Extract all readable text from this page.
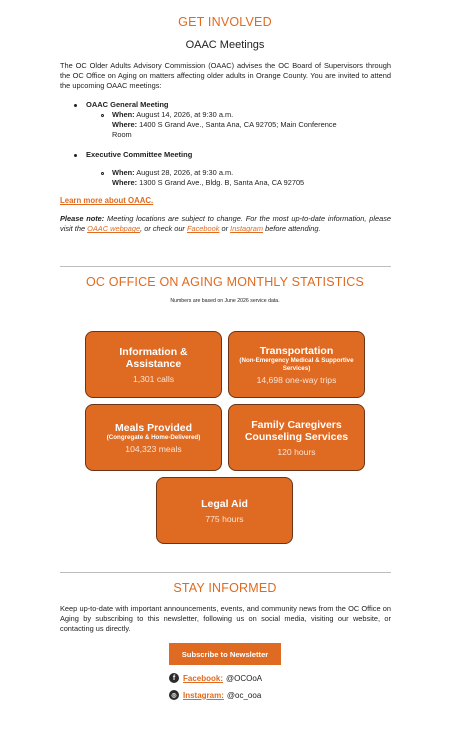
GET INVOLVED
OAAC Meetings
The OC Older Adults Advisory Commission (OAAC) advises the OC Board of Supervisors through the OC Office on Aging on matters affecting older adults in Orange County. You are invited to attend the upcoming OAAC meetings:
OAAC General Meeting
When: August 14, 2026, at 9:30 a.m.
Where: 1400 S Grand Ave., Santa Ana, CA 92705; Main Conference
Room
Executive Committee Meeting
When: August 28, 2026, at 9:30 a.m.
Where: 1300 S Grand Ave., Bldg. B, Santa Ana, CA 92705
Learn more about OAAC.
Please note: Meeting locations are subject to change. For the most up-to-date information, please visit the OAAC webpage, or check our Facebook or Instagram before attending.
OC OFFICE ON AGING MONTHLY STATISTICS
Numbers are based on June 2026 service data.
Information & Assistance
1,301 calls
Transportation
(Non-Emergency Medical & Supportive Services)
14,698 one-way trips
Meals Provided
(Congregate & Home-Delivered)
104,323 meals
Family Caregivers Counseling Services
120 hours
Legal Aid
775 hours
STAY INFORMED
Keep up-to-date with important announcements, events, and community news from the OC Office on Aging by subscribing to this newsletter, following us on social media, visiting our website, or contacting us directly.
Subscribe to Newsletter
f Facebook: @OCOoA
◎ Instagram: @oc_ooa
